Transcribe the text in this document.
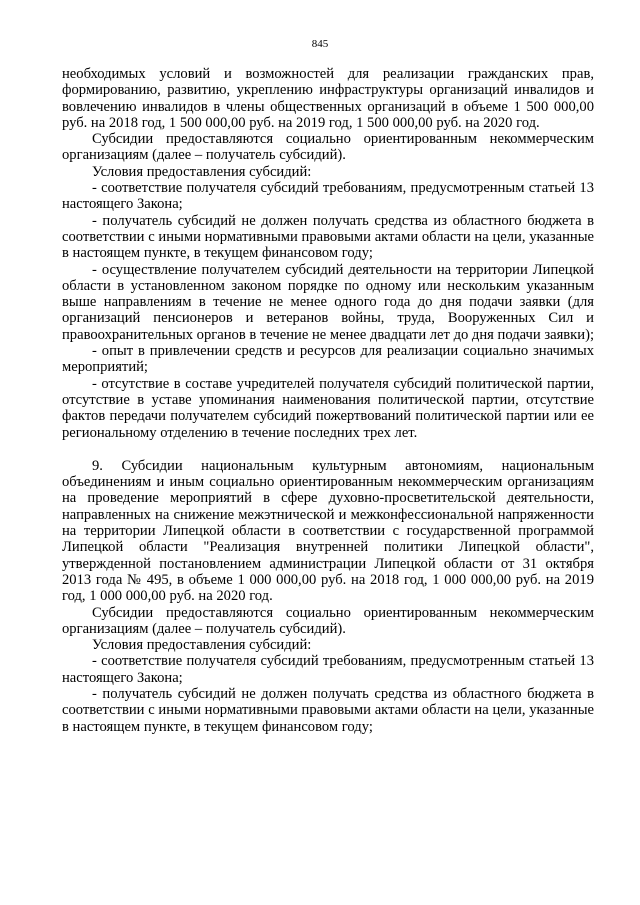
845

необходимых условий и возможностей для реализации гражданских прав, формированию, развитию, укреплению инфраструктуры организаций инвалидов и вовлечению инвалидов в члены общественных организаций в объеме 1 500 000,00 руб. на 2018 год, 1 500 000,00 руб. на 2019 год, 1 500 000,00 руб. на 2020 год.

Субсидии предоставляются социально ориентированным некоммерческим организациям (далее – получатель субсидий).

Условия предоставления субсидий:

- соответствие получателя субсидий требованиям, предусмотренным статьей 13 настоящего Закона;

- получатель субсидий не должен получать средства из областного бюджета в соответствии с иными нормативными правовыми актами области на цели, указанные в настоящем пункте, в текущем финансовом году;

- осуществление получателем субсидий деятельности на территории Липецкой области в установленном законом порядке по одному или нескольким указанным выше направлениям в течение не менее одного года до дня подачи заявки (для организаций пенсионеров и ветеранов войны, труда, Вооруженных Сил и правоохранительных органов в течение не менее двадцати лет до дня подачи заявки);

- опыт в привлечении средств и ресурсов для реализации социально значимых мероприятий;

- отсутствие в составе учредителей получателя субсидий политической партии, отсутствие в уставе упоминания наименования политической партии, отсутствие фактов передачи получателем субсидий пожертвований политической партии или ее региональному отделению в течение последних трех лет.

9. Субсидии национальным культурным автономиям, национальным объединениям и иным социально ориентированным некоммерческим организациям на проведение мероприятий в сфере духовно-просветительской деятельности, направленных на снижение межэтнической и межконфессиональной напряженности на территории Липецкой области в соответствии с государственной программой Липецкой области "Реализация внутренней политики Липецкой области", утвержденной постановлением администрации Липецкой области от 31 октября 2013 года № 495, в объеме 1 000 000,00 руб. на 2018 год, 1 000 000,00 руб. на 2019 год, 1 000 000,00 руб. на 2020 год.

Субсидии предоставляются социально ориентированным некоммерческим организациям (далее – получатель субсидий).

Условия предоставления субсидий:

- соответствие получателя субсидий требованиям, предусмотренным статьей 13 настоящего Закона;

- получатель субсидий не должен получать средства из областного бюджета в соответствии с иными нормативными правовыми актами области на цели, указанные в настоящем пункте, в текущем финансовом году;
